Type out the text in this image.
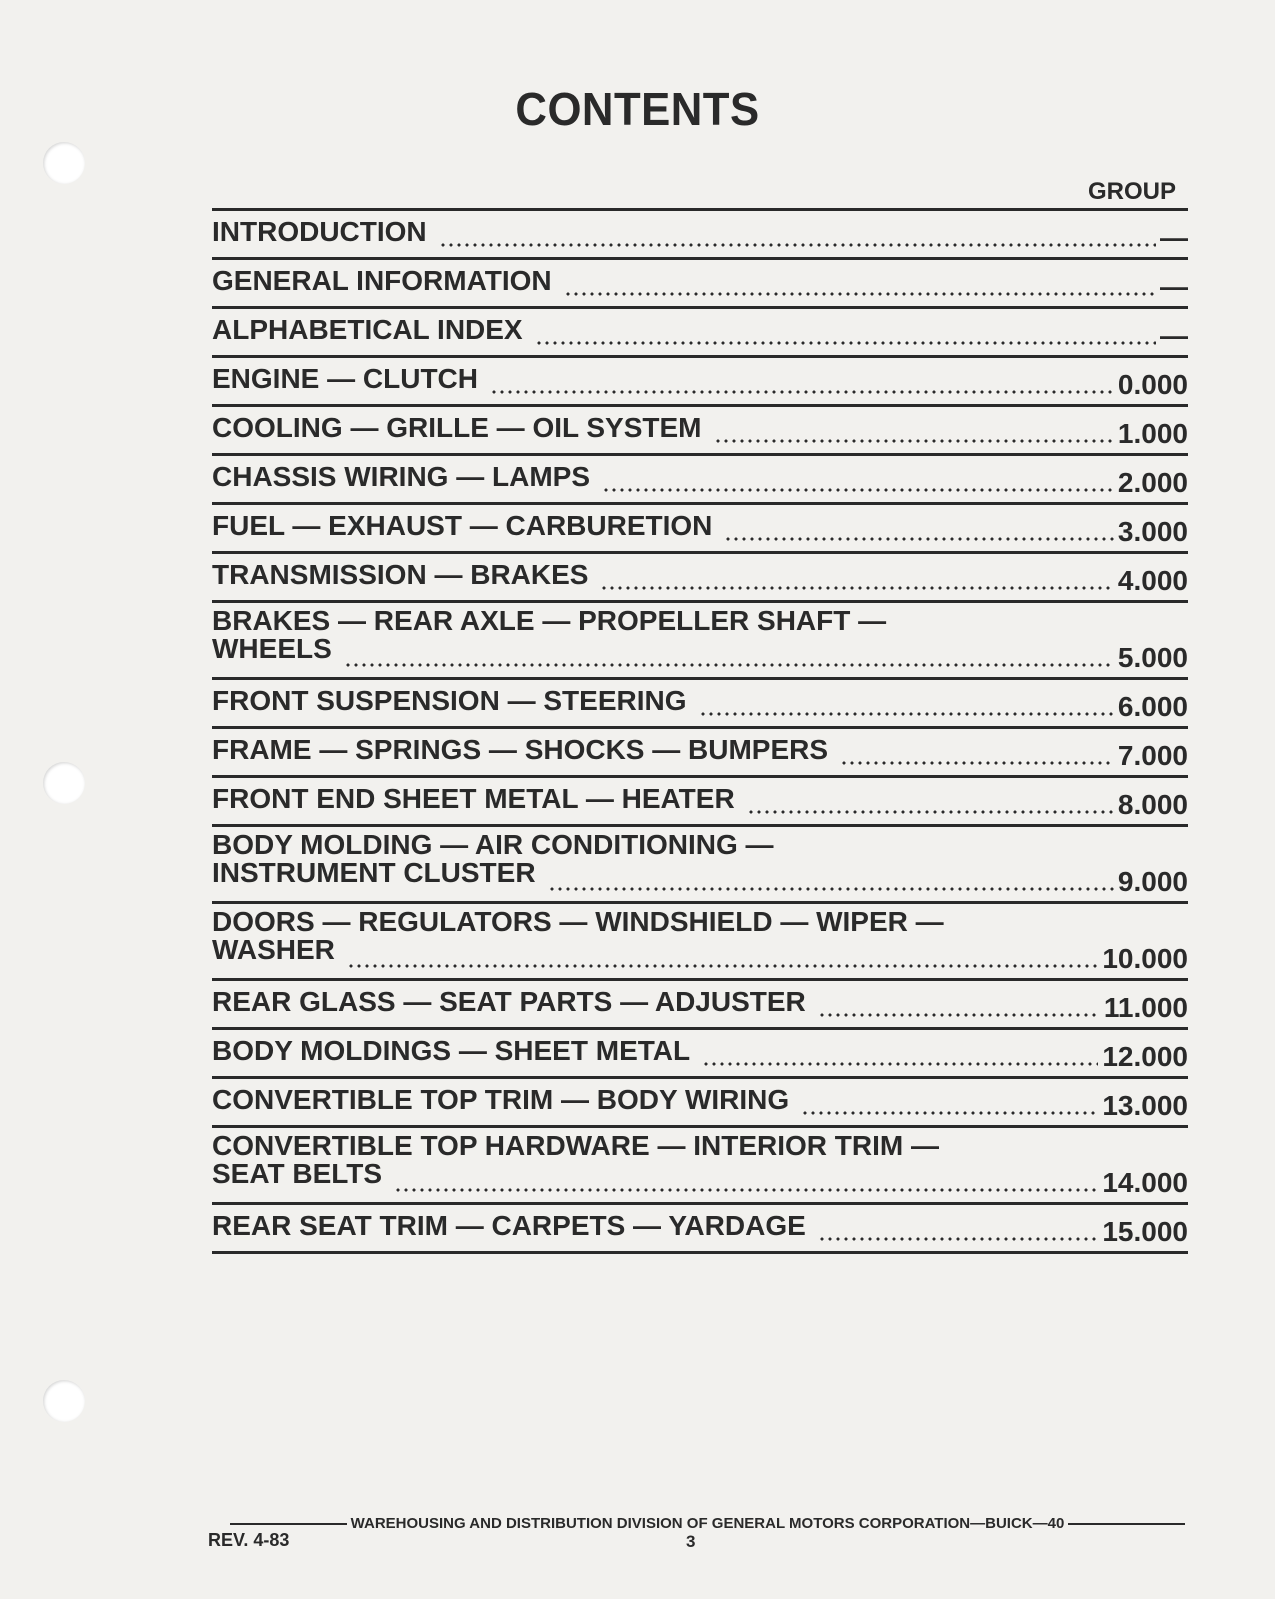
CONTENTS
GROUP
INTRODUCTION	—
GENERAL INFORMATION	—
ALPHABETICAL INDEX	—
ENGINE — CLUTCH	0.000
COOLING — GRILLE — OIL SYSTEM	1.000
CHASSIS WIRING — LAMPS	2.000
FUEL — EXHAUST — CARBURETION	3.000
TRANSMISSION — BRAKES	4.000
BRAKES — REAR AXLE — PROPELLER SHAFT —
WHEELS	5.000
FRONT SUSPENSION — STEERING	6.000
FRAME — SPRINGS — SHOCKS — BUMPERS	7.000
FRONT END SHEET METAL — HEATER	8.000
BODY MOLDING — AIR CONDITIONING —
INSTRUMENT CLUSTER	9.000
DOORS — REGULATORS — WINDSHIELD — WIPER —
WASHER	10.000
REAR GLASS — SEAT PARTS — ADJUSTER	11.000
BODY MOLDINGS — SHEET METAL	12.000
CONVERTIBLE TOP TRIM — BODY WIRING	13.000
CONVERTIBLE TOP HARDWARE — INTERIOR TRIM —
SEAT BELTS	14.000
REAR SEAT TRIM — CARPETS — YARDAGE	15.000
WAREHOUSING AND DISTRIBUTION DIVISION OF GENERAL MOTORS CORPORATION—BUICK—40
REV. 4-83	3
